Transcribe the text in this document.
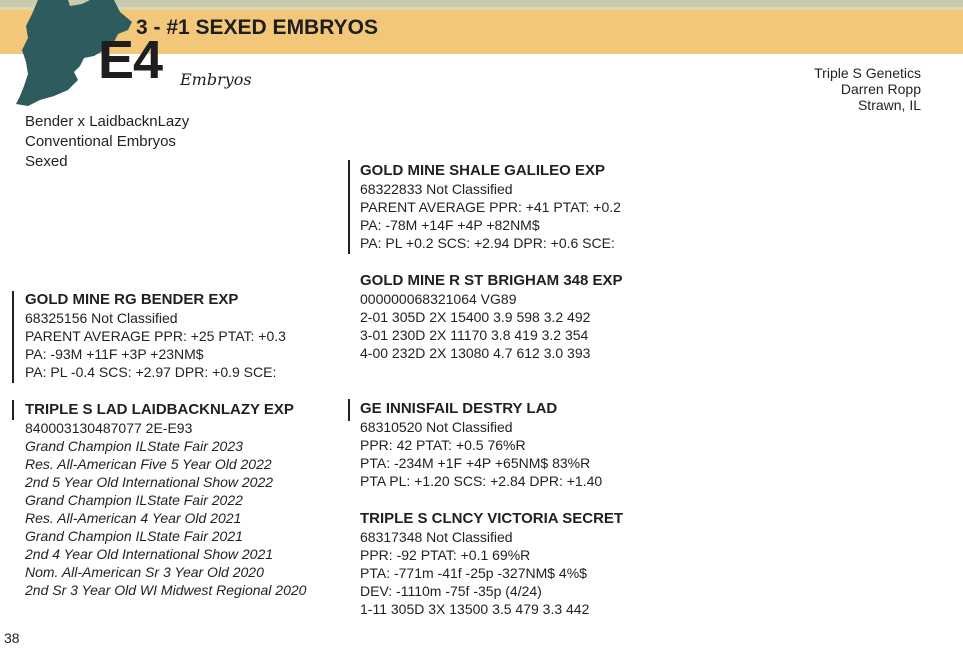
3 - #1 SEXED EMBRYOS
E4 Embryos	Triple S Genetics
Darren Ropp
Strawn, IL
Bender x LaidbacknLazy
Conventional Embryos
Sexed
GOLD MINE SHALE GALILEO EXP
68322833 Not Classified
PARENT AVERAGE PPR: +41 PTAT: +0.2
PA: -78M +14F +4P +82NM$
PA: PL +0.2 SCS: +2.94 DPR: +0.6 SCE:
GOLD MINE R ST BRIGHAM 348 EXP
000000068321064 VG89
2-01 305D 2X 15400 3.9 598 3.2 492
3-01 230D 2X 11170 3.8 419 3.2 354
4-00 232D 2X 13080 4.7 612 3.0 393
GOLD MINE RG BENDER EXP
68325156 Not Classified
PARENT AVERAGE PPR: +25 PTAT: +0.3
PA: -93M +11F +3P +23NM$
PA: PL -0.4 SCS: +2.97 DPR: +0.9 SCE:
TRIPLE S LAD LAIDBACKNLAZY EXP
840003130487077 2E-E93
Grand Champion ILState Fair 2023
Res. All-American Five 5 Year Old 2022
2nd 5 Year Old International Show 2022
Grand Champion ILState Fair 2022
Res. All-American 4 Year Old 2021
Grand Champion ILState Fair 2021
2nd 4 Year Old International Show 2021
Nom. All-American Sr 3 Year Old 2020
2nd Sr 3 Year Old WI Midwest Regional 2020
GE INNISFAIL DESTRY LAD
68310520 Not Classified
PPR: 42 PTAT: +0.5 76%R
PTA: -234M +1F +4P +65NM$ 83%R
PTA PL: +1.20 SCS: +2.84 DPR: +1.40
TRIPLE S CLNCY VICTORIA SECRET
68317348 Not Classified
PPR: -92 PTAT: +0.1 69%R
PTA: -771m -41f -25p -327NM$ 4%$
DEV: -1110m -75f -35p (4/24)
1-11 305D 3X 13500 3.5 479 3.3 442
38
